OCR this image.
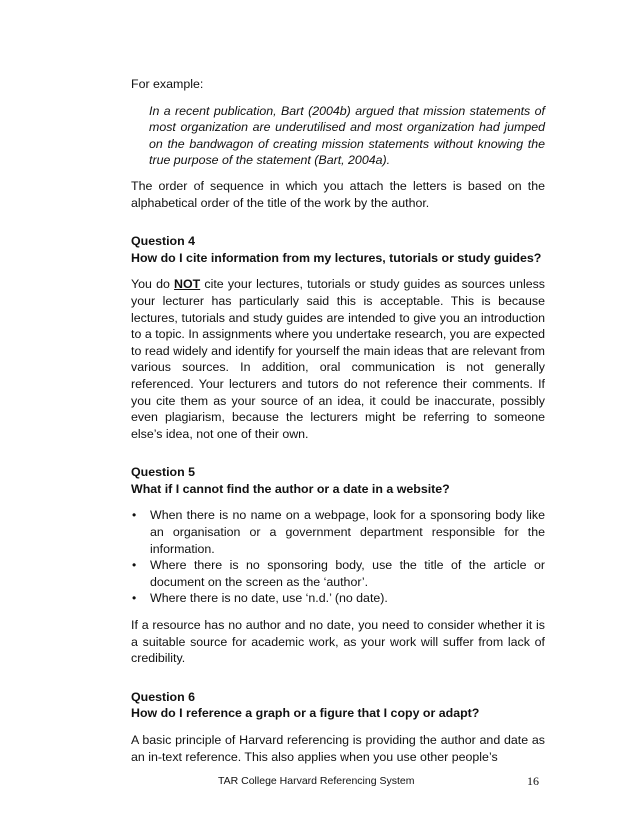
For example:

In a recent publication, Bart (2004b) argued that mission statements of most organization are underutilised and most organization had jumped on the bandwagon of creating mission statements without knowing the true purpose of the statement (Bart, 2004a).

The order of sequence in which you attach the letters is based on the alphabetical order of the title of the work by the author.

Question 4

How do I cite information from my lectures, tutorials or study guides?

You do NOT cite your lectures, tutorials or study guides as sources unless your lecturer has particularly said this is acceptable. This is because lectures, tutorials and study guides are intended to give you an introduction to a topic. In assignments where you undertake research, you are expected to read widely and identify for yourself the main ideas that are relevant from various sources. In addition, oral communication is not generally referenced. Your lecturers and tutors do not reference their comments. If you cite them as your source of an idea, it could be inaccurate, possibly even plagiarism, because the lecturers might be referring to someone else’s idea, not one of their own.

Question 5

What if I cannot find the author or a date in a website?

• When there is no name on a webpage, look for a sponsoring body like an organisation or a government department responsible for the information.
• Where there is no sponsoring body, use the title of the article or document on the screen as the ‘author’.
• Where there is no date, use ‘n.d.’ (no date).

If a resource has no author and no date, you need to consider whether it is a suitable source for academic work, as your work will suffer from lack of credibility.

Question 6

How do I reference a graph or a figure that I copy or adapt?

A basic principle of Harvard referencing is providing the author and date as an in-text reference. This also applies when you use other people’s

TAR College Harvard Referencing System	16
